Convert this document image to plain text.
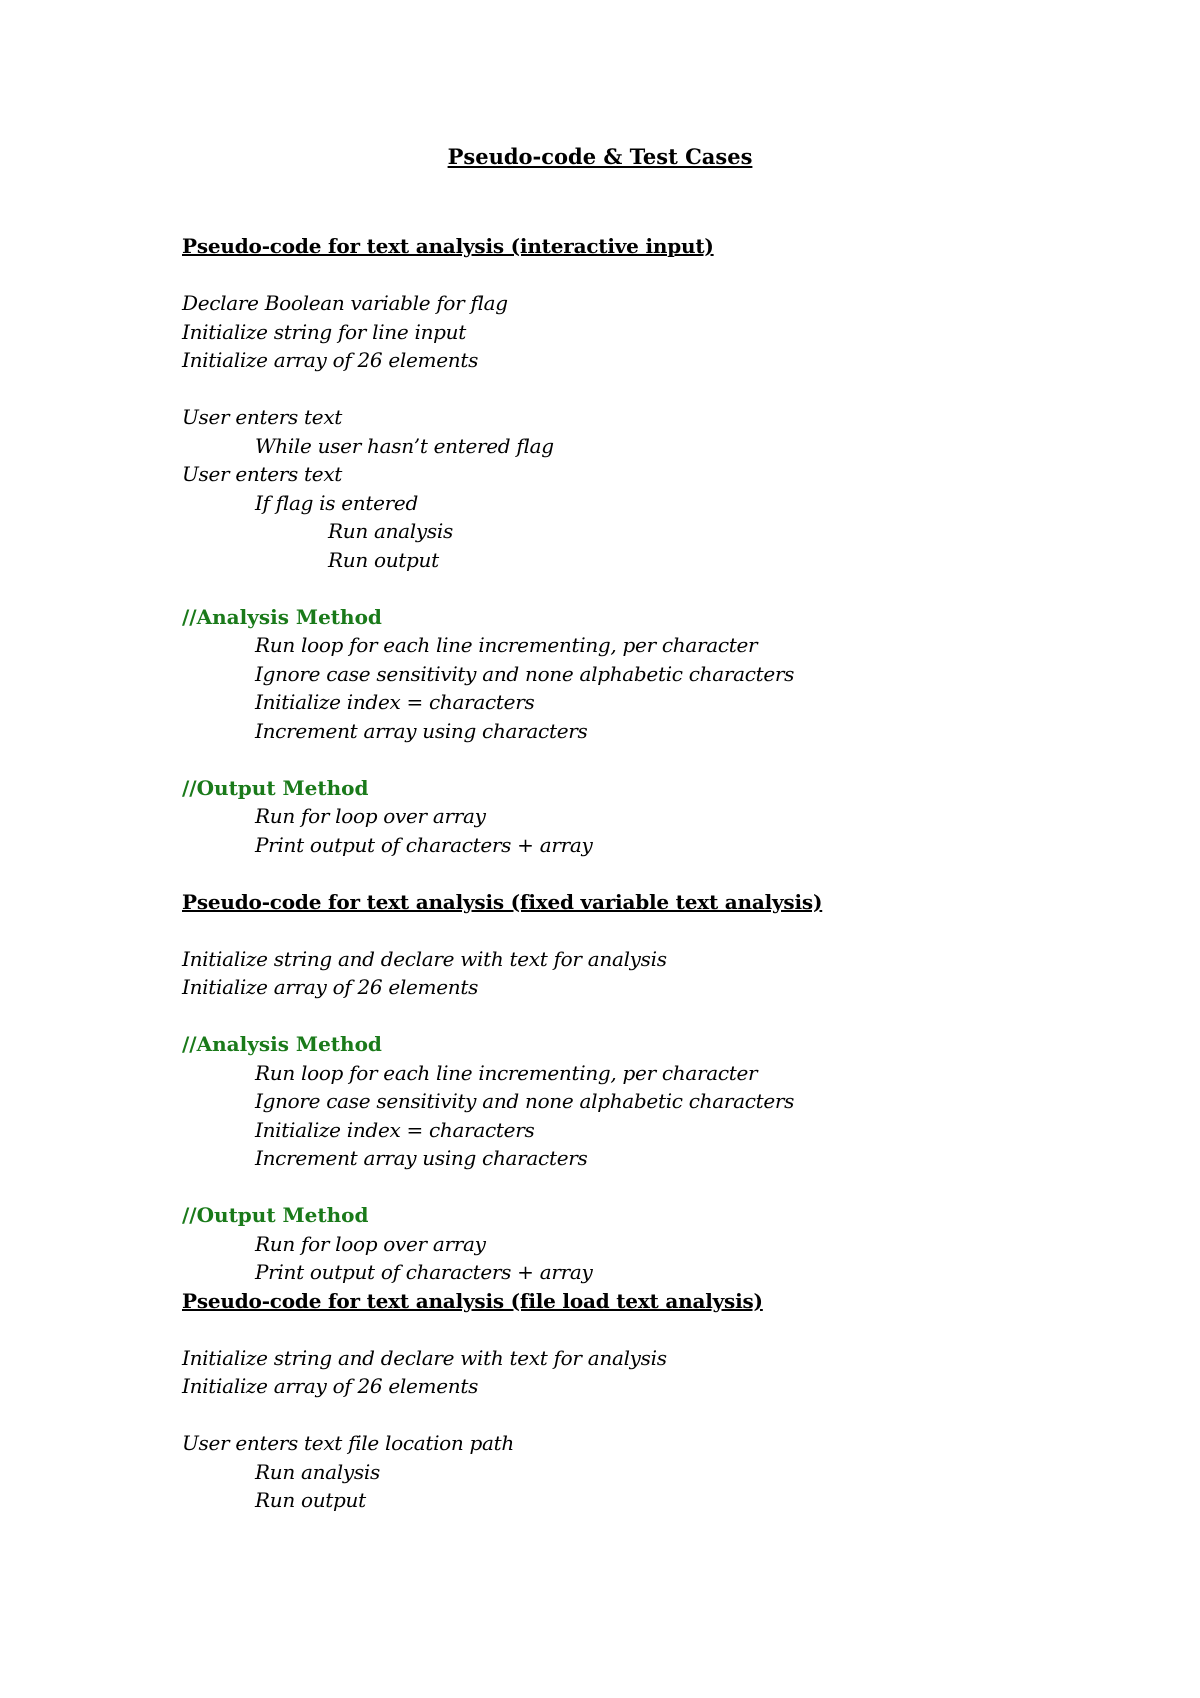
Pseudo-code & Test Cases
Pseudo-code for text analysis (interactive input)
Declare Boolean variable for flag
Initialize string for line input
Initialize array of 26 elements
User enters text
While user hasn’t entered flag
User enters text
If flag is entered
Run analysis
Run output
//Analysis Method
Run loop for each line incrementing, per character
Ignore case sensitivity and none alphabetic characters
Initialize index = characters
Increment array using characters
//Output Method
Run for loop over array
Print output of characters + array
Pseudo-code for text analysis (fixed variable text analysis)
Initialize string and declare with text for analysis
Initialize array of 26 elements
//Analysis Method
Run loop for each line incrementing, per character
Ignore case sensitivity and none alphabetic characters
Initialize index = characters
Increment array using characters
//Output Method
Run for loop over array
Print output of characters + array
Pseudo-code for text analysis (file load text analysis)
Initialize string and declare with text for analysis
Initialize array of 26 elements
User enters text file location path
Run analysis
Run output
